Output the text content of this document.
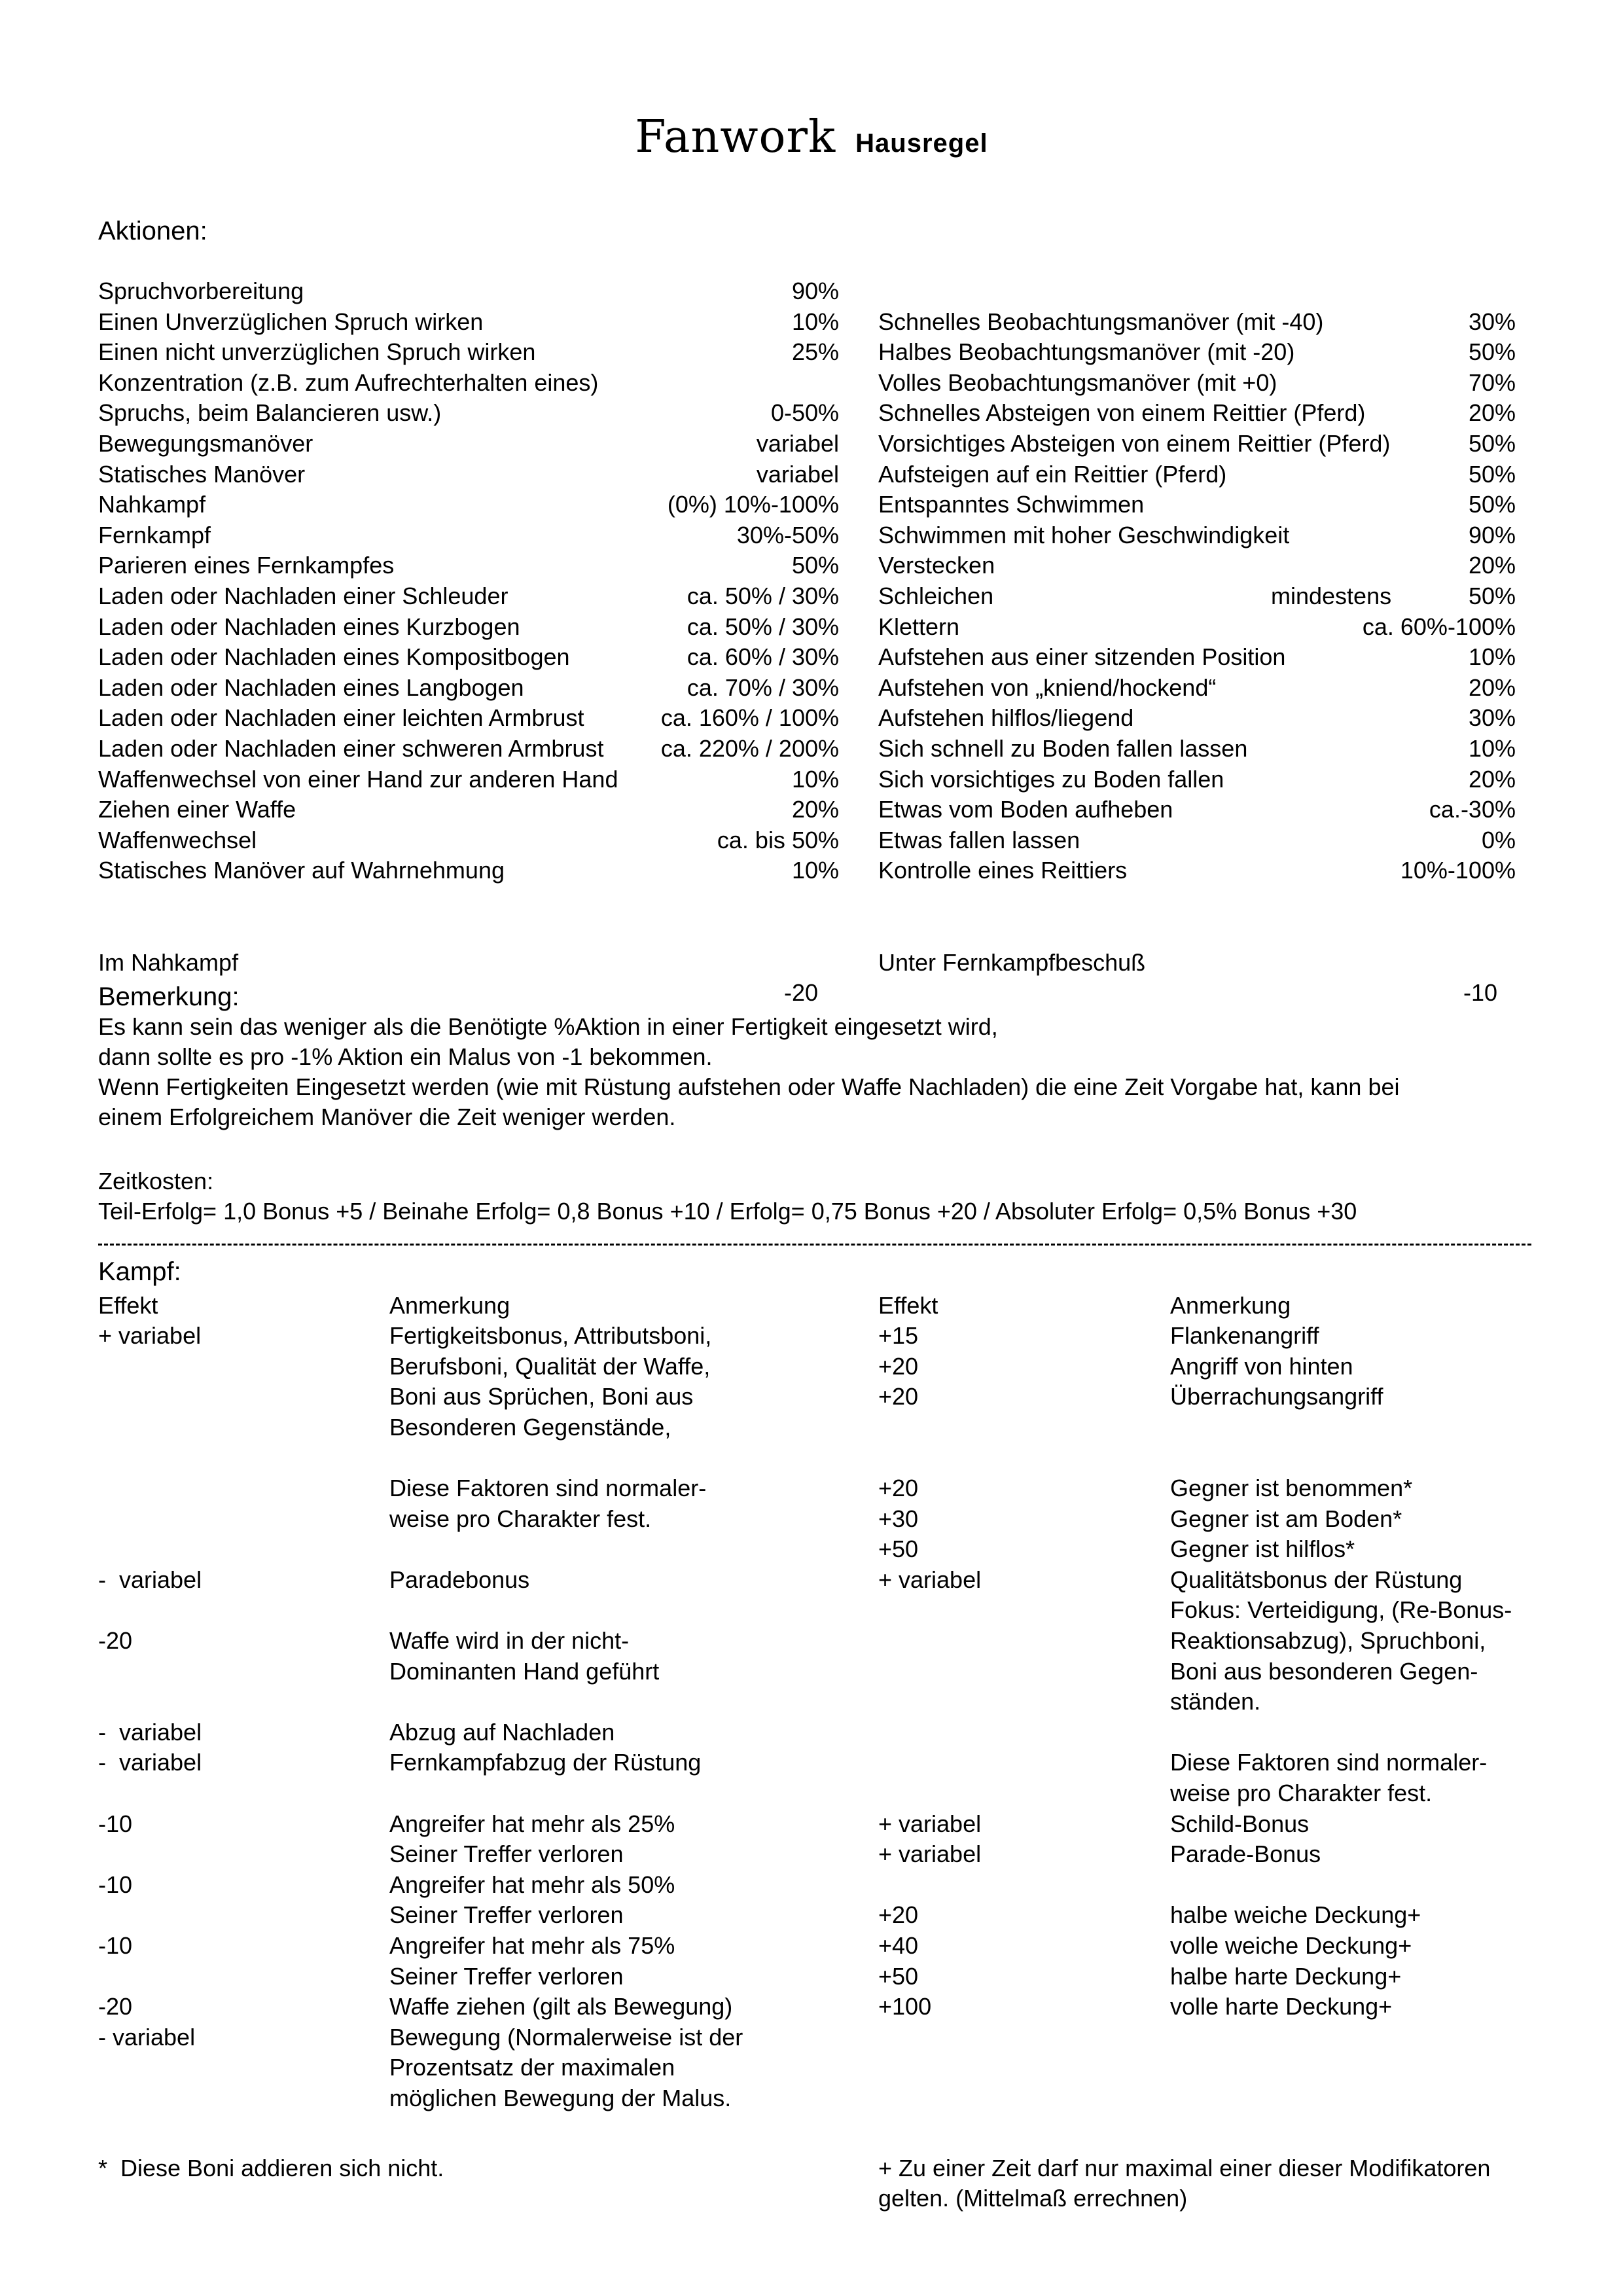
Fanwork Hausregel
Aktionen:
Spruchvorbereitung	90%
Einen Unverzüglichen Spruch wirken	10%
Einen nicht unverzüglichen Spruch wirken	25%
Konzentration (z.B. zum Aufrechterhalten eines)
Spruchs, beim Balancieren usw.)	0-50%
Bewegungsmanöver	variabel
Statisches Manöver	variabel
Nahkampf	(0%) 10%-100%
Fernkampf	30%-50%
Parieren eines Fernkampfes	50%
Laden oder Nachladen einer Schleuder	ca. 50% / 30%
Laden oder Nachladen eines Kurzbogen	ca. 50% / 30%
Laden oder Nachladen eines Kompositbogen	ca. 60% / 30%
Laden oder Nachladen eines Langbogen	ca. 70% / 30%
Laden oder Nachladen einer leichten Armbrust	ca. 160% / 100%
Laden oder Nachladen einer schweren Armbrust ca. 220% / 200%
Waffenwechsel von einer Hand zur anderen Hand	10%
Ziehen einer Waffe	20%
Waffenwechsel	ca. bis 50%
Statisches Manöver auf Wahrnehmung	10%
Schnelles Beobachtungsmanöver (mit -40)	30%
Halbes Beobachtungsmanöver (mit -20)	50%
Volles Beobachtungsmanöver (mit +0)	70%
Schnelles Absteigen von einem Reittier (Pferd)	20%
Vorsichtiges Absteigen von einem Reittier (Pferd)	50%
Aufsteigen auf ein Reittier (Pferd)	50%
Entspanntes Schwimmen	50%
Schwimmen mit hoher Geschwindigkeit	90%
Verstecken	20%
Schleichen	mindestens	50%
Klettern	ca. 60%-100%
Aufstehen aus einer sitzenden Position	10%
Aufstehen von „kniend/hockend“	20%
Aufstehen hilflos/liegend	30%
Sich schnell zu Boden fallen lassen	10%
Sich vorsichtiges zu Boden fallen	20%
Etwas vom Boden aufheben	ca.-30%
Etwas fallen lassen	0%
Kontrolle eines Reittiers	10%-100%

Im Nahkampf

-20

Unter Fernkampfbeschuß

-10

Bemerkung:
Es kann sein das weniger als die Benötigte %Aktion in einer Fertigkeit eingesetzt wird,
dann sollte es pro -1% Aktion ein Malus von -1 bekommen.
Wenn Fertigkeiten Eingesetzt werden (wie mit Rüstung aufstehen oder Waffe Nachladen) die eine Zeit Vorgabe hat, kann bei
einem Erfolgreichem Manöver die Zeit weniger werden.
Zeitkosten:
Teil-Erfolg= 1,0 Bonus +5 / Beinahe Erfolg= 0,8 Bonus +10 / Erfolg= 0,75 Bonus +20 / Absoluter Erfolg= 0,5% Bonus +30
Kampf:
Effekt	Anmerkung	Effekt	Anmerkung
+ variabel	Fertigkeitsbonus, Attributsboni,
Berufsboni, Qualität der Waffe,
Boni aus Sprüchen, Boni aus
Besonderen Gegenstände,
Diese Faktoren sind normaler-
weise pro Charakter fest.
-  variabel	Paradebonus
-20	Waffe wird in der nicht-
Dominanten Hand geführt
-  variabel	Abzug auf Nachladen
-  variabel	Fernkampfabzug der Rüstung
-10	Angreifer hat mehr als 25%
Seiner Treffer verloren
-10	Angreifer hat mehr als 50%
Seiner Treffer verloren
-10	Angreifer hat mehr als 75%
Seiner Treffer verloren
-20	Waffe ziehen (gilt als Bewegung)
- variabel	Bewegung (Normalerweise ist der
Prozentsatz der maximalen
möglichen Bewegung der Malus.
+15	Flankenangriff
+20	Angriff von hinten
+20	Überrachungsangriff
+20	Gegner ist benommen*
+30	Gegner ist am Boden*
+50	Gegner ist hilflos*
+ variabel	Qualitätsbonus der Rüstung
Fokus: Verteidigung, (Re-Bonus-
Reaktionsabzug), Spruchboni,
Boni aus besonderen Gegen-
ständen.
Diese Faktoren sind normaler-
weise pro Charakter fest.
+ variabel	Schild-Bonus
+ variabel	Parade-Bonus
+20	halbe weiche Deckung+
+40	volle weiche Deckung+
+50	halbe harte Deckung+
+100	volle harte Deckung+
*  Diese Boni addieren sich nicht.	+ Zu einer Zeit darf nur maximal einer dieser Modifikatoren
gelten. (Mittelmaß errechnen)
